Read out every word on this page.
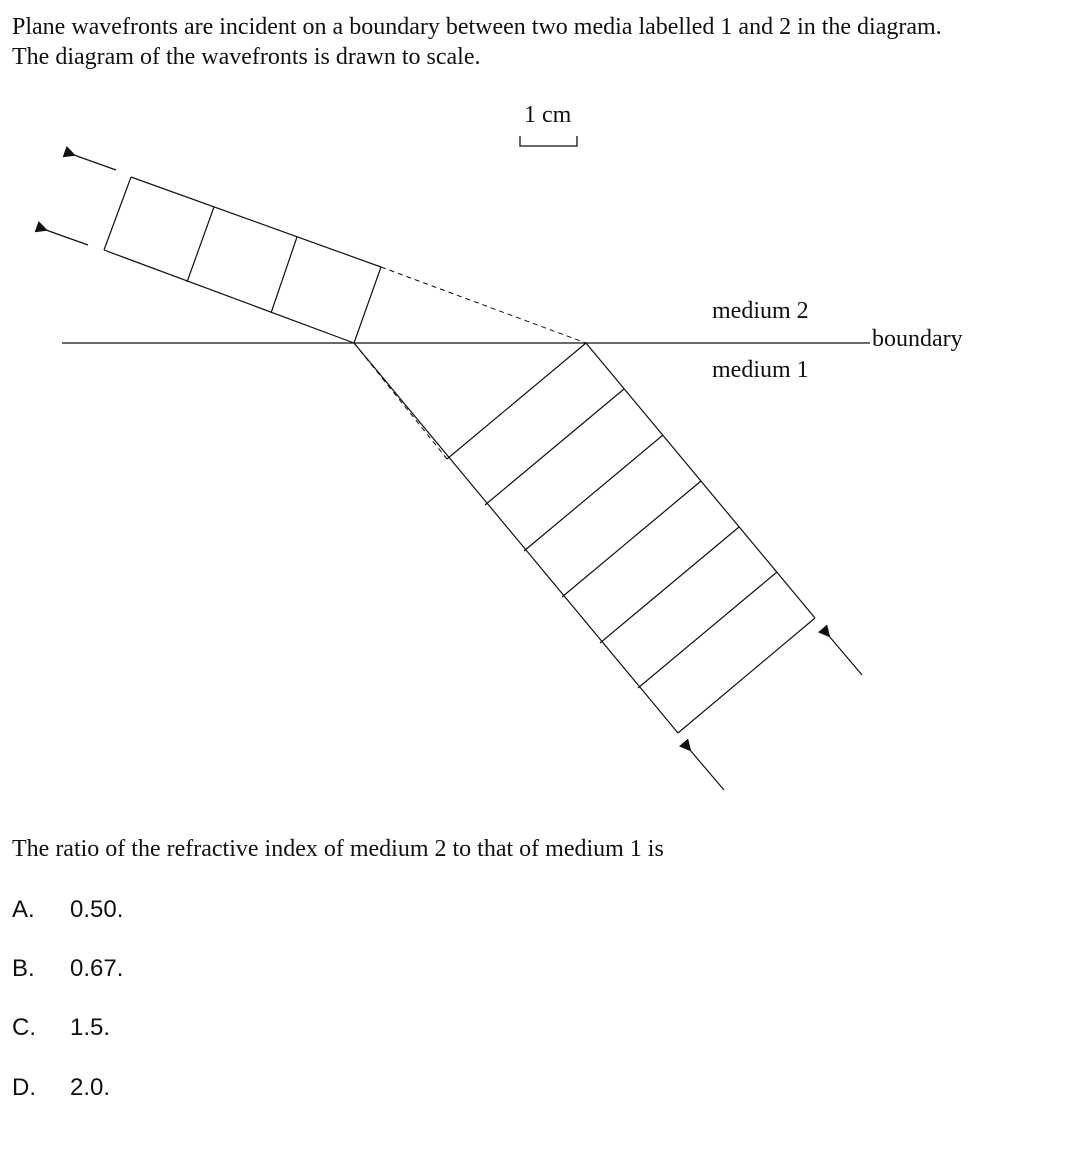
Plane wavefronts are incident on a boundary between two media labelled 1 and 2 in the diagram.

The diagram of the wavefronts is drawn to scale.

1 cm
boundary
medium 2
medium 1

The ratio of the refractive index of medium 2 to that of medium 1 is

A. 0.50.
B. 0.67.
C. 1.5.
D. 2.0.
